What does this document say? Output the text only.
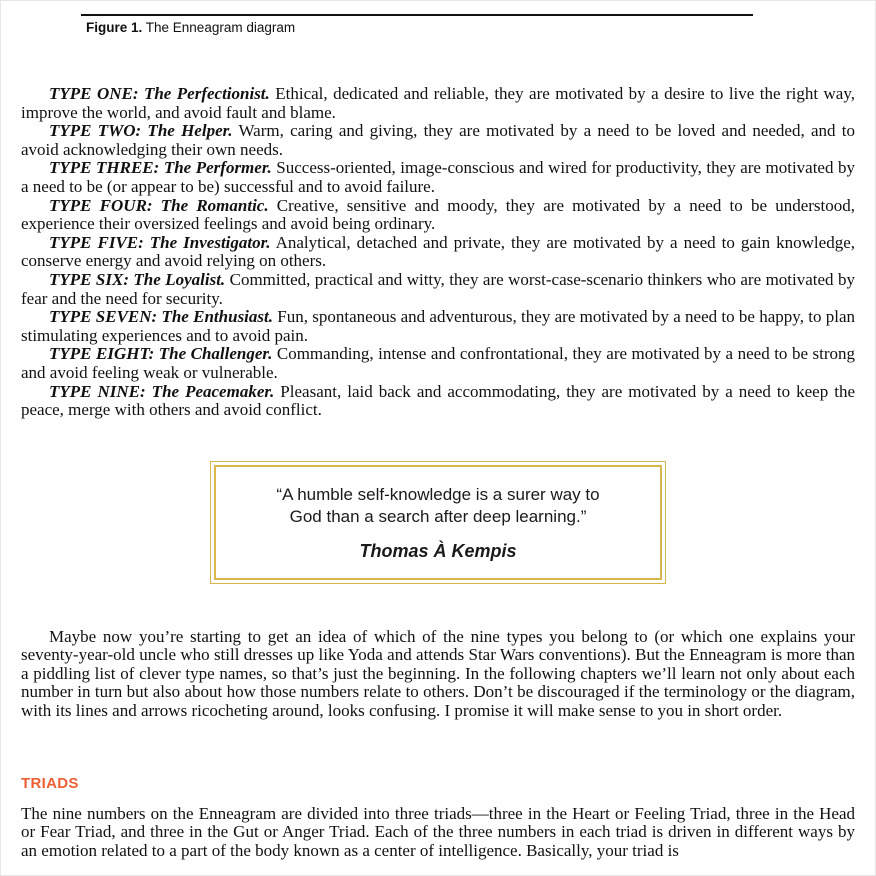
Figure 1. The Enneagram diagram

TYPE ONE: The Perfectionist. Ethical, dedicated and reliable, they are motivated by a desire to live the right way, improve the world, and avoid fault and blame.

TYPE TWO: The Helper. Warm, caring and giving, they are motivated by a need to be loved and needed, and to avoid acknowledging their own needs.

TYPE THREE: The Performer. Success-oriented, image-conscious and wired for productivity, they are motivated by a need to be (or appear to be) successful and to avoid failure.

TYPE FOUR: The Romantic. Creative, sensitive and moody, they are motivated by a need to be understood, experience their oversized feelings and avoid being ordinary.

TYPE FIVE: The Investigator. Analytical, detached and private, they are motivated by a need to gain knowledge, conserve energy and avoid relying on others.

TYPE SIX: The Loyalist. Committed, practical and witty, they are worst-case-scenario thinkers who are motivated by fear and the need for security.

TYPE SEVEN: The Enthusiast. Fun, spontaneous and adventurous, they are motivated by a need to be happy, to plan stimulating experiences and to avoid pain.

TYPE EIGHT: The Challenger. Commanding, intense and confrontational, they are motivated by a need to be strong and avoid feeling weak or vulnerable.

TYPE NINE: The Peacemaker. Pleasant, laid back and accommodating, they are motivated by a need to keep the peace, merge with others and avoid conflict.

“A humble self-knowledge is a surer way to
God than a search after deep learning.”
Thomas À Kempis

Maybe now you’re starting to get an idea of which of the nine types you belong to (or which one explains your seventy-year-old uncle who still dresses up like Yoda and attends Star Wars conventions). But the Enneagram is more than a piddling list of clever type names, so that’s just the beginning. In the following chapters we’ll learn not only about each number in turn but also about how those numbers relate to others. Don’t be discouraged if the terminology or the diagram, with its lines and arrows ricocheting around, looks confusing. I promise it will make sense to you in short order.

TRIADS

The nine numbers on the Enneagram are divided into three triads—three in the Heart or Feeling Triad, three in the Head or Fear Triad, and three in the Gut or Anger Triad. Each of the three numbers in each triad is driven in different ways by an emotion related to a part of the body known as a center of intelligence. Basically, your triad is
